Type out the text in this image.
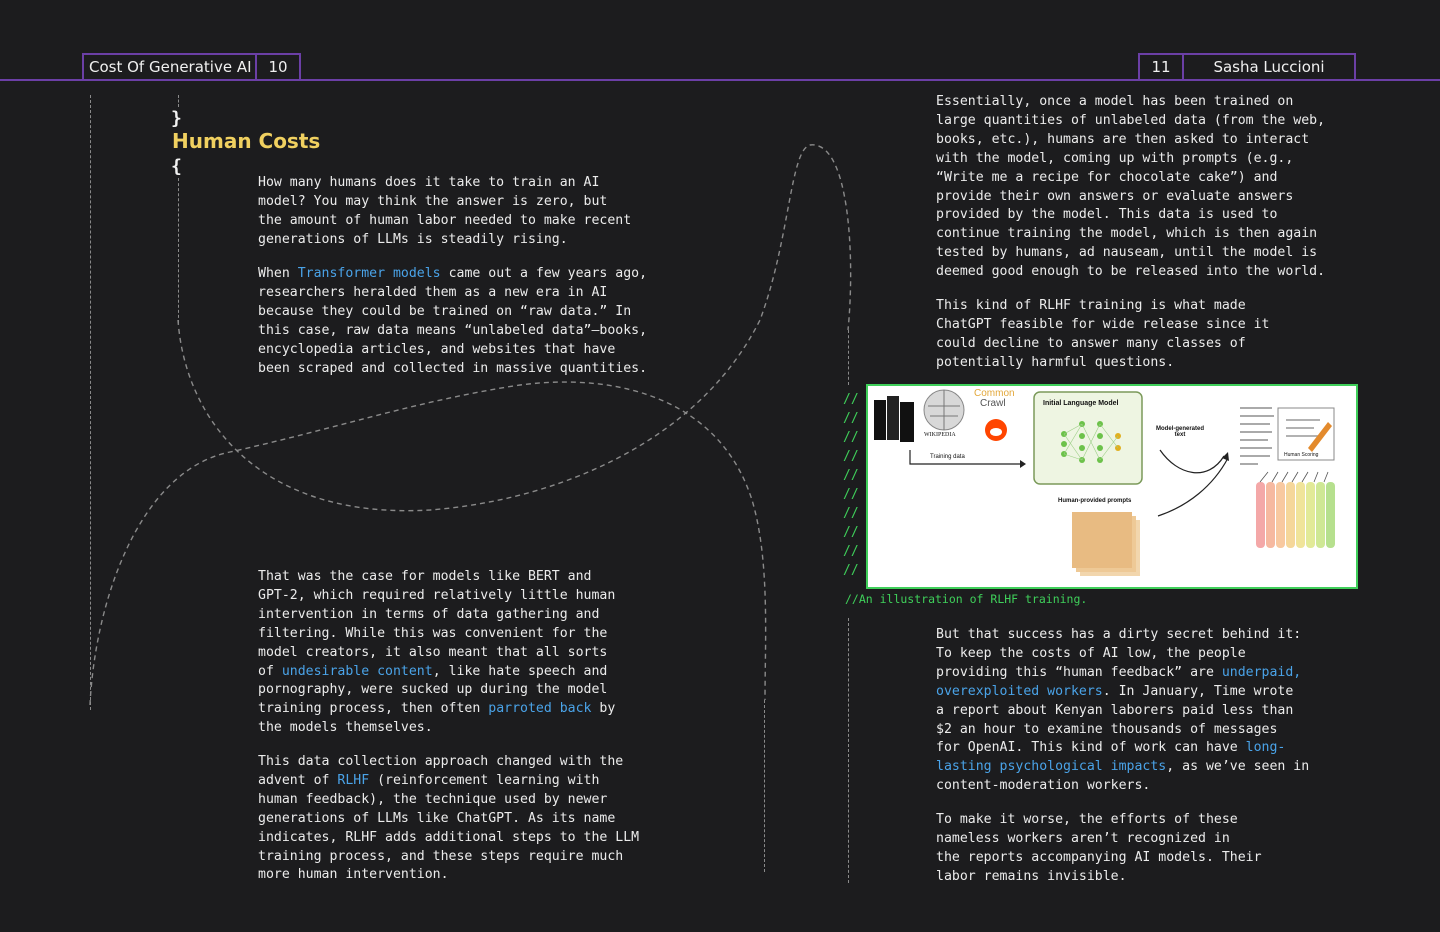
Cost Of Generative AI 10	11	Sasha Luccioni
}
Human Costs
{

How many humans does it take to train an AI
model? You may think the answer is zero, but
the amount of human labor needed to make recent
generations of LLMs is steadily rising.

When Transformer models came out a few years ago,
researchers heralded them as a new era in AI
because they could be trained on “raw data.” In
this case, raw data means “unlabeled data”—books,
encyclopedia articles, and websites that have
been scraped and collected in massive quantities.

That was the case for models like BERT and
GPT-2, which required relatively little human
intervention in terms of data gathering and
filtering. While this was convenient for the
model creators, it also meant that all sorts
of undesirable content, like hate speech and
pornography, were sucked up during the model
training process, then often parroted back by
the models themselves.

This data collection approach changed with the
advent of RLHF (reinforcement learning with
human feedback), the technique used by newer
generations of LLMs like ChatGPT. As its name
indicates, RLHF adds additional steps to the LLM
training process, and these steps require much
more human intervention.

Essentially, once a model has been trained on
large quantities of unlabeled data (from the web,
books, etc.), humans are then asked to interact
with the model, coming up with prompts (e.g.,
“Write me a recipe for chocolate cake”) and
provide their own answers or evaluate answers
provided by the model. This data is used to
continue training the model, which is then again
tested by humans, ad nauseam, until the model is
deemed good enough to be released into the world.

This kind of RLHF training is what made
ChatGPT feasible for wide release since it
could decline to answer many classes of
potentially harmful questions.

But that success has a dirty secret behind it:
To keep the costs of AI low, the people
providing this “human feedback” are underpaid,
overexploited workers. In January, Time wrote
a report about Kenyan laborers paid less than
$2 an hour to examine thousands of messages
for OpenAI. This kind of work can have long-
lasting psychological impacts, as we’ve seen in
content-moderation workers.

To make it worse, the efforts of these
nameless workers aren’t recognized in
the reports accompanying AI models. Their
labor remains invisible.

//
//
//
//
//
//
//
//
//
//
Common
Crawl
WIKIPEDIA
Training data
Initial Language Model
Model-generated
text
Human-provided prompts
Human Scoring
//An illustration of RLHF training.
